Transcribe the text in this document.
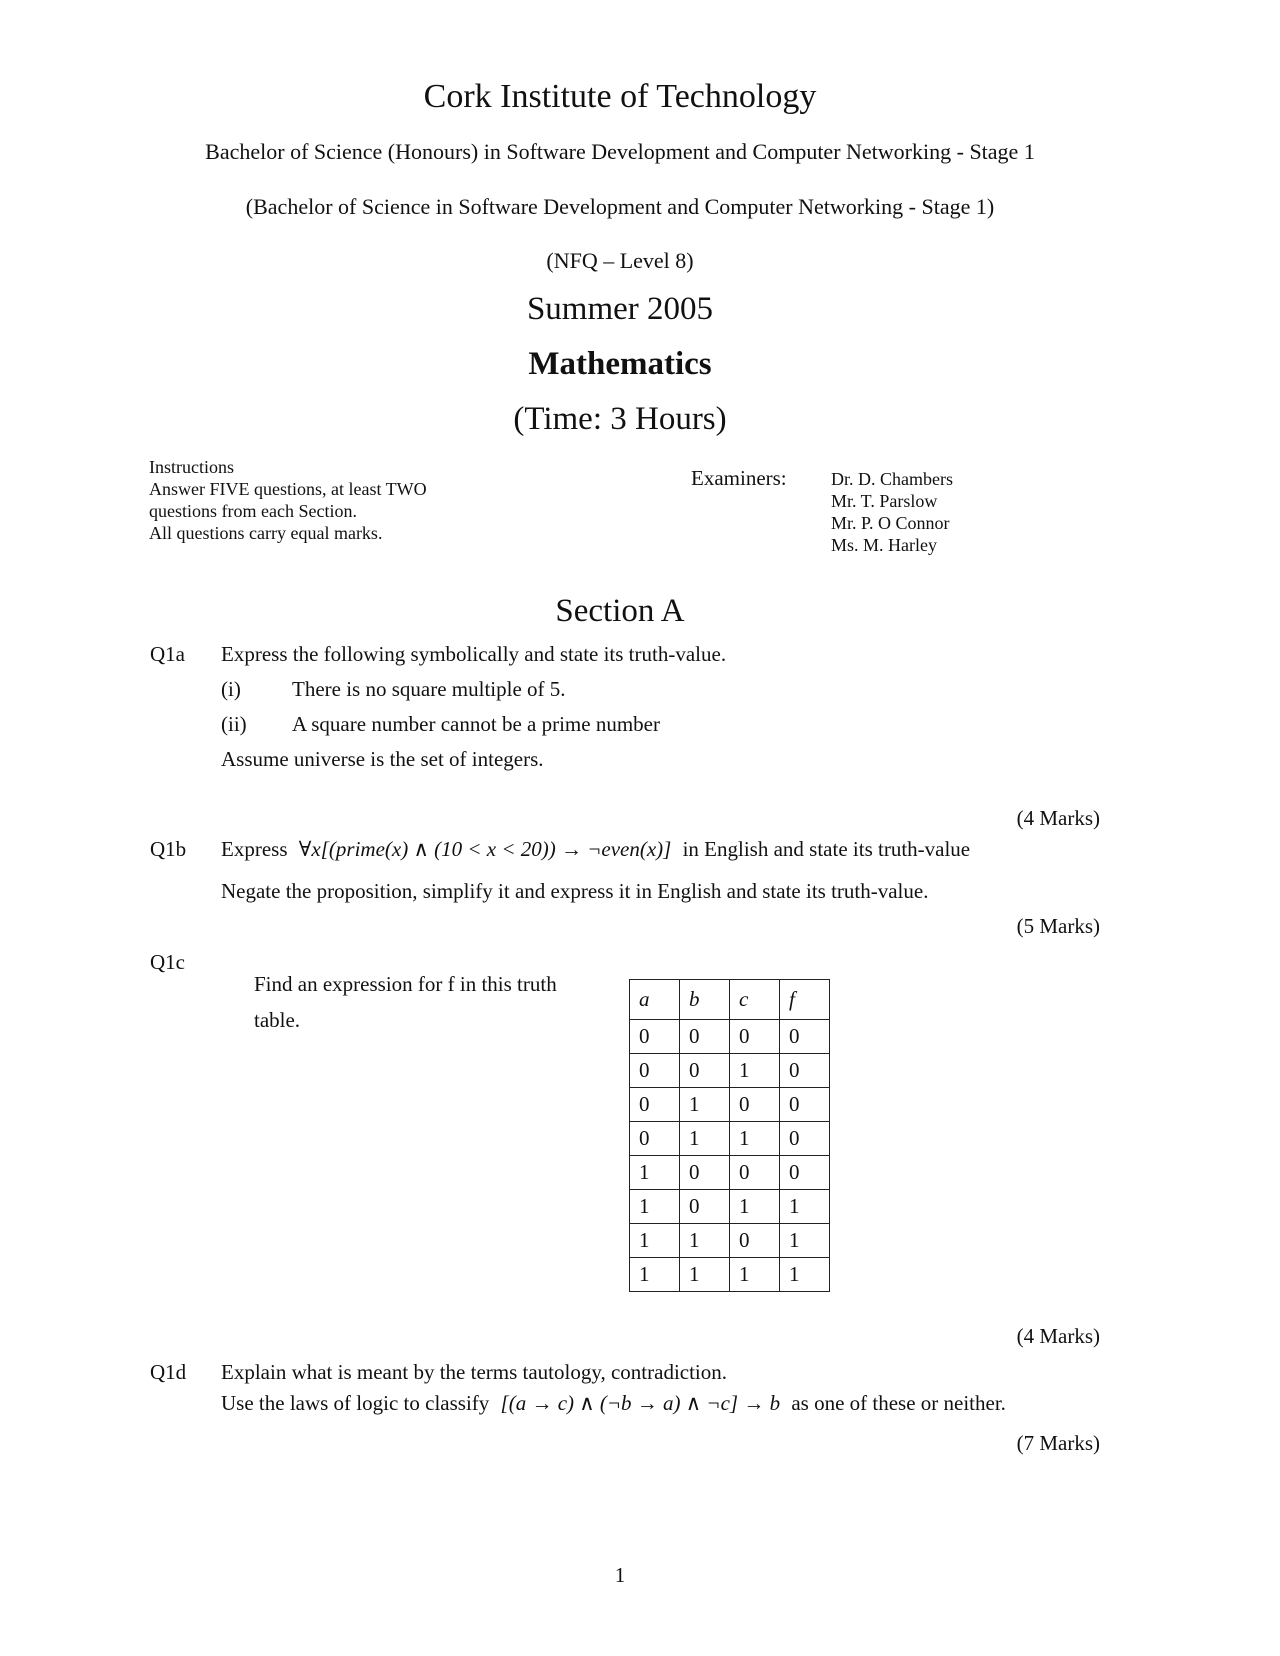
Cork Institute of Technology
Bachelor of Science (Honours) in Software Development and Computer Networking - Stage 1
(Bachelor of Science in Software Development and Computer Networking - Stage 1)
(NFQ – Level 8)
Summer 2005
Mathematics
(Time: 3 Hours)
Instructions
Answer FIVE questions, at least TWO
questions from each Section.
All questions carry equal marks.
Examiners: Dr. D. Chambers
Mr. T. Parslow
Mr. P. O Connor
Ms. M. Harley
Section A
Q1a Express the following symbolically and state its truth-value.
(i) There is no square multiple of 5.
(ii) A square number cannot be a prime number
Assume universe is the set of integers.
(4 Marks)
Q1b Express ∀x[(prime(x) ∧ (10 < x < 20)) → ¬even(x)] in English and state its truth-value
Negate the proposition, simplify it and express it in English and state its truth-value.
(5 Marks)
Q1c
Find an expression for f in this truth
table.
a	b	c	f
0	0	0	0
0	0	1	0
0	1	0	0
0	1	1	0
1	0	0	0
1	0	1	1
1	1	0	1
1	1	1	1
(4 Marks)
Q1d Explain what is meant by the terms tautology, contradiction.
Use the laws of logic to classify [(a → c) ∧ (¬b → a) ∧ ¬c] → b as one of these or neither.
(7 Marks)
1
